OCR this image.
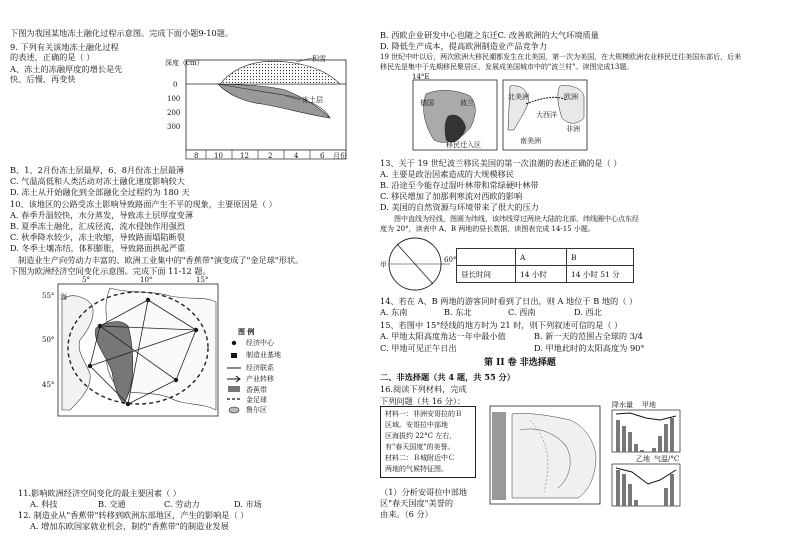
下图为我国某地冻土融化过程示意图。完成下面小题9-10题。
9. 下列有关该地冻土融化过程
的表述，正确的是（ ）
A、冻土的冻融厚度的增长是先
快、后慢、再变快
深度（cm）
0
100
200
300
积雪
冻土层
8 10 12	2	4	6 月份
B、1、2月份冻土层最厚，6、8月份冻土层最薄
C. 气温高低和人类活动对冻土融化速度影响较大
D. 冻土从开始融化到全部融化全过程约为 180 天
10、该地区的公路受冻土影响导致路面产生不平的现象，主要原因是（ ）
A. 春季升温较快，水分蒸发，导致冻土层厚度变薄
B. 夏季冻土融化，汇成径流，流水侵蚀作用强烈
C. 秋季降水较少，冻土收缩，导致路面塌陷断裂
D. 冬季土壤冻结，体积膨胀，导致路面拱起严重
制造业生产向劳动力丰富的、欧洲工业集中的"香蕉带"演变成了"金足球"形状。
下图为欧洲经济空间变化示意图。完成下面 11-12 题。
55°
50°
45°
5°	10°	15°
海
图 例
经济中心
制造业基地
经济联系
产业转移
香蕉带
金足球
鲁尔区
11.影响欧洲经济空间变化的最主要因素（ ）
A. 科技	B. 交通	C. 劳动力	D. 市场
12. 制造业从"香蕉带"转移到欧洲东部地区，产生的影响是（ ）
A. 增加东欧国家就业机会，制约"香蕉带"的制造业发展
B. 西欧企业研发中心也随之东迁C. 改善欧洲的大气环境质量
D. 降低生产成本，提高欧洲制造业产品竞争力
19 世纪中叶以后，两次欧洲大移民潮都发生在北美国，第一次为美国，在大规模欧洲农业移民迁往美国东部后，后来
移民先是集中于先期移民聚居区，发展成美国城市中的"波兰村"。读图完成13题。
14°E
德国	波兰
北美洲	欧洲
大西洋
非洲
南美洲
移民迁入区
13、关于 19 世纪波兰移民美国的第一次浪潮的表述正确的是（ ）
A. 主要是政治因素造成的大规模移民
B. 沿途至今能存过湿叶林带和常绿硬叶林带
C. 移民增加了加那利寒流对西欧的影响
D. 美国的自然资源与环境带来了很大的压力
图中直线为经线，图圆为纬线，该纬线穿过两块大陆的北部，纬线圈中心点东经
度为 20°，读表中 A、B 两地的昼长数据，读图表完成 14-15 小题。
甲
60°
		A	B
昼长时间	14 小时	14 小时 51 分
14、若在 A、B 两地的游客同时看到了日出，则 A 地位于 B 地的（ ）
A. 东南	B. 东北	C. 西南	D. 西北
15、若图中 15°经线的地方时为 21 时，则下列叙述可信的是（ ）
A. 甲地太阳高度角达一年中最小值	B. 新一天的范围占全球的 3/4
C. 甲地可见正午日出	D. 甲地此时的太阳高度为 90°
第 II 卷 非选择题
二、非选择题（共 4 题，共 55 分）
16.阅读下列材料，完成
下列问题（共 16 分）：
材料一：非洲安哥拉的Ｂ
区域。安哥拉中部地
区海拔约 22°C 左右，
有"春天国度"的美誉。
材料二：Ｂ城附近中Ｃ
两地的气候特征图。
降水量 甲地
气温/°C
乙地
（1）分析安哥拉中部地
区"春天国度"美誉的
由来。（6 分）
